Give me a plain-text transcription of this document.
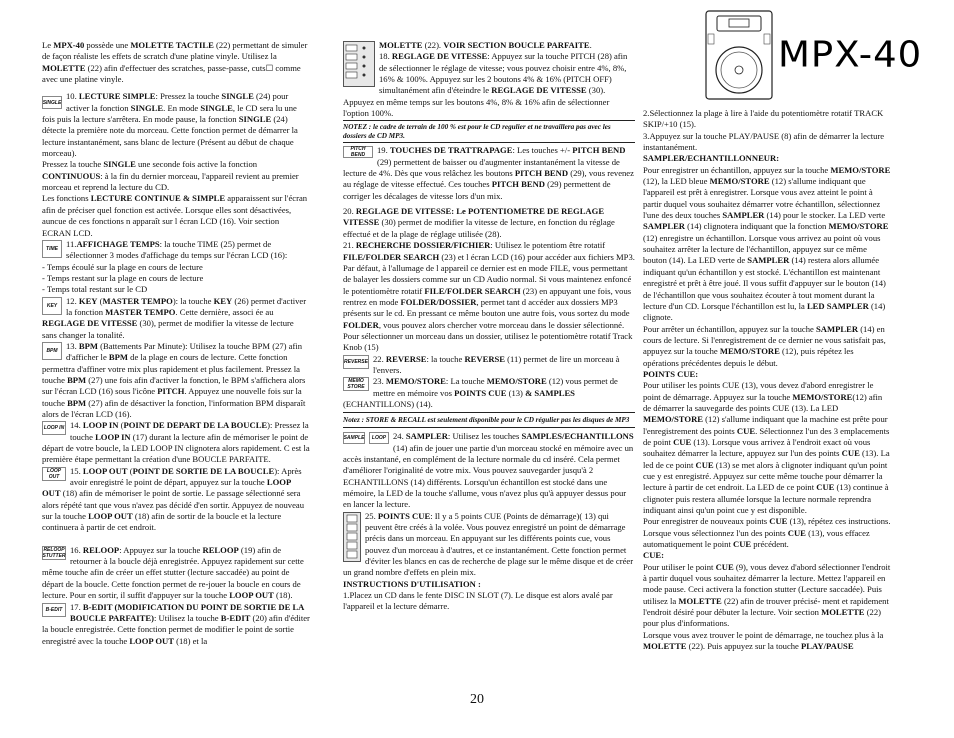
MPX-40

Le MPX-40 possède une MOLETTE TACTILE (22) permettant de simuler de façon réaliste les effets de scratch d'une platine vinyle. Utilisez la MOLETTE (22) afin d'effectuer des scratches, passe-passe, cuts☐ comme avec une platine vinyle.

SINGLE
10. LECTURE SIMPLE: Pressez la touche SINGLE (24) pour activer la fonction SINGLE. En mode SINGLE, le CD sera lu une fois puis la lecture s'arrêtera. En mode pause, la fonction SINGLE (24) détecte la première note du morceau. Cette fonction permet de démarrer la lecture instantanément, sans blanc de lecture (Présent au début de chaque morceau).

Pressez la touche SINGLE une seconde fois active la fonction CONTINUOUS: à la fin du dernier morceau, l'appareil revient au premier morceau et reprend la lecture du CD.

Les fonctions LECTURE CONTINUE & SIMPLE apparaissent sur l'écran afin de préciser quel fonction est activée. Lorsque elles sont désactivées, auncue de ces fonctions n apparaît sur l écran LCD (16). Voir section ECRAN LCD.

TIME 11.AFFICHAGE TEMPS: la touche TIME (25) permet de sélectionner 3 modes d'affichage du temps sur l'écran LCD (16):

- Temps écoulé sur la plage en cours de lecture

- Temps restant sur la plage en cours de lecture

- Temps total restant sur le CD

KEY	12. KEY (MASTER TEMPO): la touche KEY (26) permet d'activer la fonction MASTER TEMPO. Cette dernière, associ ée au REGLAGE DE VITESSE (30), permet de modifier la vitesse de lecture sans changer la tonalité.

BPM 13. BPM (Battements Par Minute): Utilisez la touche BPM (27) afin d'afficher le BPM de la plage en cours de lecture. Cette fonction permettra d'affiner votre mix plus rapidement et plus facilement. Pressez la touche BPM (27) une fois afin d'activer la fonction, le BPM s'affichera alors sur l'écran LCD (16) sous l'icône PITCH. Appuyez une nouvelle fois sur la touche BPM (27) afin de désactiver la fonction, l'information BPM disparaît alors de l'écran LCD (16).

LOOP IN 14. LOOP IN (POINT DE DEPART DE LA BOUCLE): Pressez la touche LOOP IN (17) durant la lecture afin de mémoriser le point de départ de votre boucle, la LED LOOP IN clignotera alors rapidement. C est la première étape permettant la création d'une BOUCLE PARFAITE.

LOOP OUT
15. LOOP OUT (POINT DE SORTIE DE LA BOUCLE): Après avoir enregistré le point de départ, appuyez sur la touche LOOP OUT (18) afin de mémoriser le point de sortie. Le passage sélectionné sera alors répété tant que vous n'avez pas décidé d'en sortir. Appuyez de nouveau sur la touche LOOP OUT (18) afin de sortir de la boucle et la lecture continuera à partir de cet endroit.

RELOOP STUTTER
16. RELOOP: Appuyez sur la touche RELOOP (19) afin de retourner à la boucle déjà enregistrée. Appuyez rapidement sur cette même touche afin de créer un effet stutter (lecture saccadée) au point de départ de la boucle. Cette fonction permet de re-jouer la boucle en cours de lecture. Pour en sortir, il suffit d'appuyer sur la touche LOOP OUT (18).

B-EDIT 17. B-EDIT (MODIFICATION DU POINT DE SORTIE DE LA BOUCLE PARFAITE): Utilisez la touche B-EDIT (20) afin d'éditer la boucle enregistrée. Cette fonction permet de modifier le point de sortie enregistré avec la touche LOOP OUT (18) et la

MOLETTE (22). VOIR SECTION BOUCLE PARFAITE.

18. REGLAGE DE VITESSE: Appuyez sur la touche PITCH (28) afin de sélectionner le réglage de vitesse; vous pouvez choisir entre 4%, 8%, 16% & 100%. Appuyez sur les 2 boutons 4% & 16% (PITCH OFF) simultanément afin d'éteindre le REGLAGE DE VITESSE (30). Appuyez en même temps sur les boutons 4%, 8% & 16% afin de sélectionner l'option 100%.

NOTEZ : le cadre de terrain de 100 % est pour le CD regulier et ne travaillera pas avec les dossiers de CD MP3.

PITCH BEND	19. TOUCHES DE TRATTRAPAGE: Les touches +/- PITCH BEND (29) permettent de baisser ou d'augmenter instantanément la vitesse de lecture de 4%. Dès que vous relâchez les boutons PITCH BEND (29), vous revenez au réglage de vitesse effectué. Ces touches PITCH BEND (29) permettent de corriger les décalages de vitesse lors d'un mix.

20. REGLAGE DE VITESSE: Le POTENTIOMETRE DE REGLAGE VITESSE (30) permet de modifier la vitesse de lecture, en fonction du réglage effectué et de la plage de réglage utilisée (28).

21. RECHERCHE DOSSIER/FICHIER: Utilisez le potentiom être rotatif FILE/FOLDER SEARCH (23) et l écran LCD (16) pour accéder aux fichiers MP3. Par défaut, à l'allumage de l appareil ce dernier est en mode FILE, vous permettant de balayer les dossiers comme sur un CD Audio normal. Si vous maintenez enfoncé le potentiomètre rotatif FILE/FOLDER SEARCH (23) en appuyant une fois, vous rentrez en mode FOLDER/DOSSIER, permet tant d accéder aux dossiers MP3 présents sur le cd. En pressant ce même bouton une autre fois, vous sortez du mode FOLDER, vous pouvez alors chercher votre morceau dans le dossier sélectionné. Pour sélectionner un morceau dans un dossier, utilisez le potentiomètre rotatif Track Knob (15)

REVERSE 22. REVERSE: la touche REVERSE (11) permet de lire un morceau à l'envers.

MEMO STORE
23. MEMO/STORE: La touche MEMO/STORE (12) vous permet de mettre en mémoire vos POINTS CUE (13) & SAMPLES (ECHANTILLONS) (14).

Notez : STORE & RECALL est seulement disponible pour le CD régulier pas les disques de MP3

SAMPLE	LOOP 24. SAMPLER: Utilisez les touches SAMPLES/ECHANTILLONS (14) afin de jouer une partie d'un morceau stocké en mémoire avec un accès instantané, en complément de la lecture normale du cd inséré. Cela permet d'améliorer l'originalité de votre mix. Vous pouvez sauvegarder jusqu'à 2 ECHANTILLONS (14) différents. Lorsqu'un échantillon est stocké dans une mémoire, la LED de la touche s'allume, vous n'avez plus qu'à appuyer dessus pour en lancer la lecture.

25. POINTS CUE: Il y a 5 points CUE (Points de démarrage)( 13) qui peuvent être créés à la volée. Vous pouvez enregistré un point de démarrage précis dans un morceau. En appuyant sur les différents points cue, vous pouvez d'un morceau à d'autres, et ce instantanément. Cette fonction permet d'éviter les blancs en cas de recherche de plage sur le même disque et de créer un grand nombre d'effets en plein mix.

INSTRUCTIONS D'UTILISATION :

1.Placez un CD dans le fente DISC IN SLOT (7). Le disque est alors avalé par l'appareil et la lecture démarre.

2.Sélectionnez la plage à lire à l'aide du potentiomètre rotatif TRACK SKIP/+10 (15).

3.Appuyez sur la touche PLAY/PAUSE (8) afin de démarrer la lecture instantanément.

SAMPLER/ECHANTILLONNEUR:

Pour enregistrer un échantillon, appuyez sur la touche MEMO/STORE (12), la LED bleue MEMO/STORE (12) s'allume indiquant que l'appareil est prêt à enregistrer. Lorsque vous avez atteint le point à partir duquel vous souhaitez démarrer votre échantillon, sélectionnez l'une des deux touches SAMPLER (14) pour le stocker. La LED verte SAMPLER (14) clignotera indiquant que la fonction MEMO/STORE (12) enregistre un échantillon. Lorsque vous arrivez au point où vous souhaitez arrêter la lecture de l'échantillon, appuyez sur ce même bouton (14). La LED verte de SAMPLER (14) restera alors allumée indiquant qu'un échantillon y est stocké. L'échantillon est maintenant enregistré et prêt à être joué. Il vous suffit d'appuyer sur le bouton (14) de l'échantillon que vous souhaitez écouter à tout moment durant la lecture d'un CD. Lorsque l'échantillon est lu, la LED SAMPLER (14) clignote.

Pour arrêter un échantillon, appuyez sur la touche SAMPLER (14) en cours de lecture. Si l'enregistrement de ce dernier ne vous satisfait pas, appuyez sur la touche MEMO/STORE (12), puis répétez les opérations précédentes depuis le début.

POINTS CUE:

Pour utiliser les points CUE (13), vous devez d'abord enregistrer le point de démarrage. Appuyez sur la touche MEMO/STORE(12) afin de démarrer la sauvegarde des points CUE (13). La LED MEMO/STORE (12) s'allume indiquant que la machine est prête pour l'enregistrement des points CUE. Sélectionnez l'un des 3 emplacements de point CUE (13). Lorsque vous arrivez à l'endroit exact où vous souhaitez démarrer la lecture, appuyez sur l'un des points CUE (13). La led de ce point CUE (13) se met alors à clignoter indiquant qu'un point cue y est enregistré. Appuyez sur cette même touche pour démarrer la lecture à partir de cet endroit. La LED de ce point CUE (13) continue à clignoter puis restera allumée lorsque la lecture normale reprendra indiquant ainsi qu'un point cue y est disponible.

Pour enregistrer de nouveaux points CUE (13), répétez ces instructions. Lorsque vous sélectionnez l'un des points CUE (13), vous effacez automatiquement le point CUE précédent.

CUE:

Pour utiliser le point CUE (9), vous devez d'abord sélectionner l'endroit à partir duquel vous souhaitez démarrer la lecture. Mettez l'appareil en mode pause. Ceci activera la fonction stutter (Lecture saccadée). Puis utilisez la MOLETTE (22) afin de trouver précisé- ment et rapidement l'endroit désiré pour débuter la lecture. Voir section MOLETTE (22) pour plus d'informations.

Lorsque vous avez trouver le point de démarrage, ne touchez plus à la MOLETTE (22). Puis appuyez sur la touche PLAY/PAUSE

20
